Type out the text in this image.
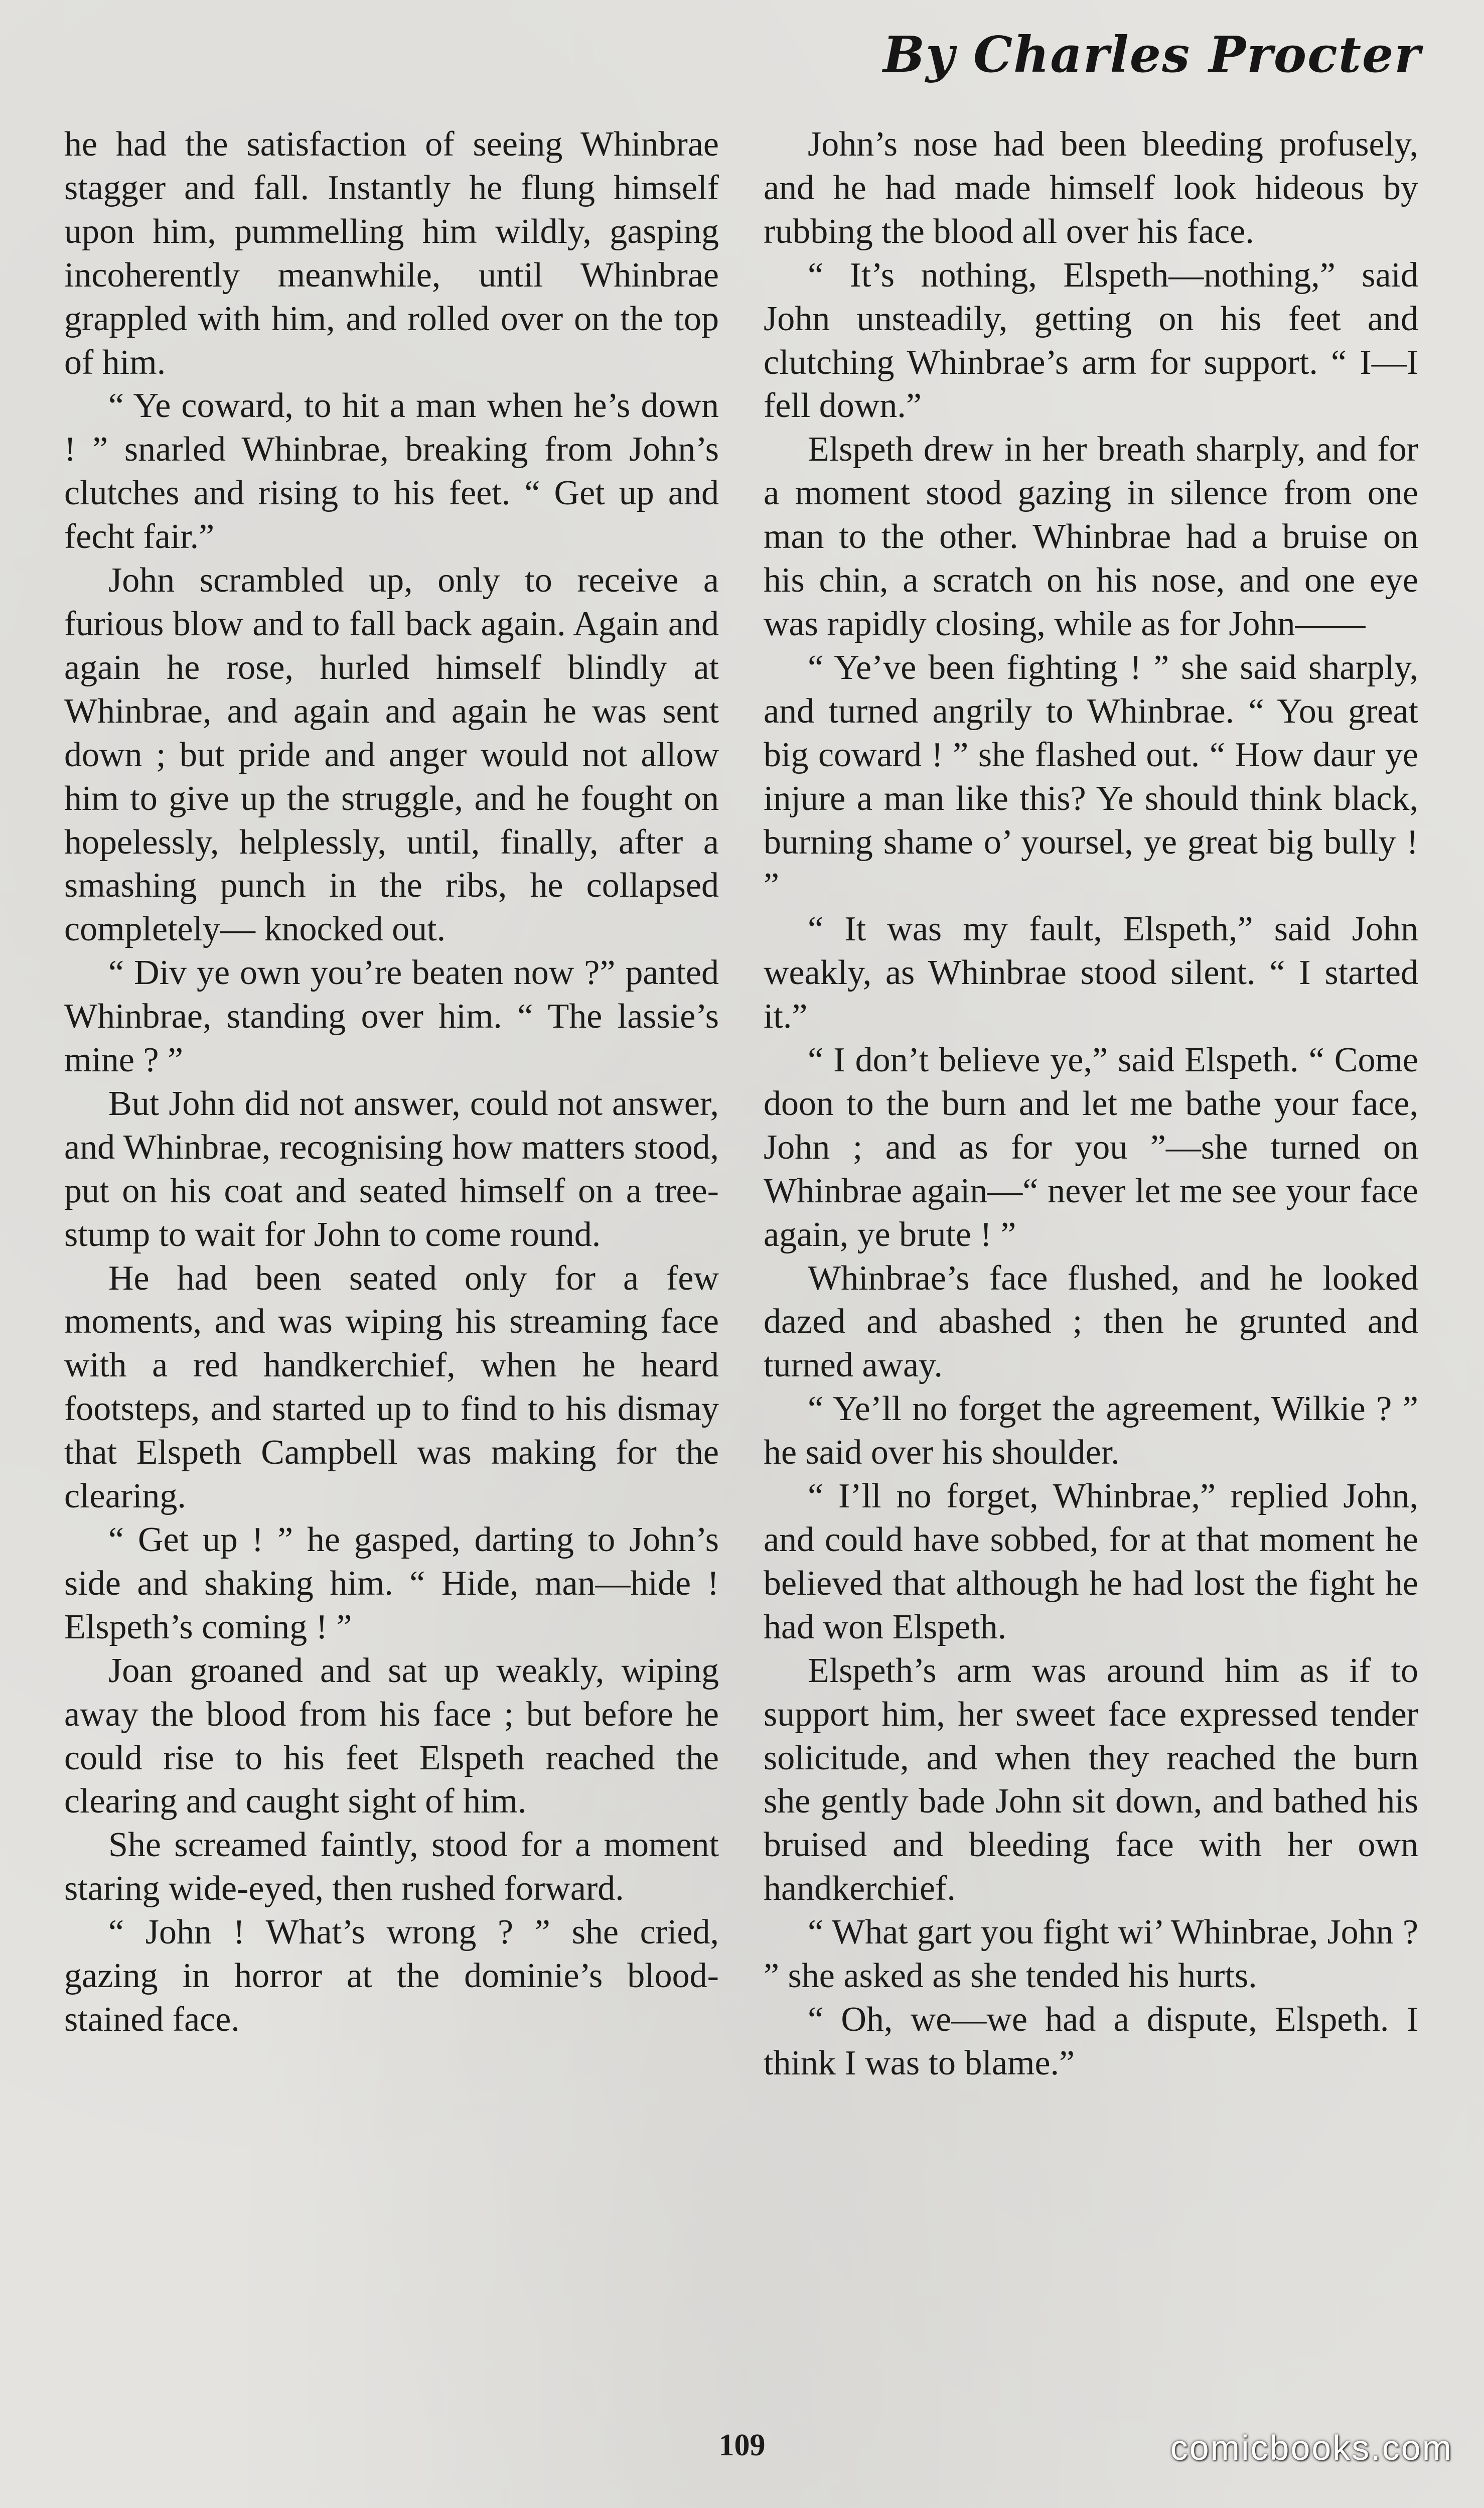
By Charles Procter

he had the satisfaction of seeing Whinbrae stagger and fall. Instantly he flung himself upon him, pummelling him wildly, gasping incoherently meanwhile, until Whinbrae grappled with him, and rolled over on the top of him.

“ Ye coward, to hit a man when he’s down ! ” snarled Whinbrae, breaking from John’s clutches and rising to his feet. “ Get up and fecht fair.”

John scrambled up, only to receive a furious blow and to fall back again. Again and again he rose, hurled himself blindly at Whinbrae, and again and again he was sent down ; but pride and anger would not allow him to give up the struggle, and he fought on hopelessly, helplessly, until, finally, after a smashing punch in the ribs, he collapsed completely— knocked out.

“ Div ye own you’re beaten now ?” panted Whinbrae, standing over him. “ The lassie’s mine ? ”

But John did not answer, could not answer, and Whinbrae, recognising how matters stood, put on his coat and seated himself on a tree-stump to wait for John to come round.

He had been seated only for a few moments, and was wiping his streaming face with a red handkerchief, when he heard footsteps, and started up to find to his dismay that Elspeth Campbell was making for the clearing.

“ Get up ! ” he gasped, darting to John’s side and shaking him. “ Hide, man—hide ! Elspeth’s coming ! ”

Joan groaned and sat up weakly, wiping away the blood from his face ; but before he could rise to his feet Elspeth reached the clearing and caught sight of him.

She screamed faintly, stood for a moment staring wide-eyed, then rushed forward.

“ John ! What’s wrong ? ” she cried, gazing in horror at the dominie’s blood-stained face.

John’s nose had been bleeding profusely, and he had made himself look hideous by rubbing the blood all over his face.

“ It’s nothing, Elspeth—nothing,” said John unsteadily, getting on his feet and clutching Whinbrae’s arm for support. “ I—I fell down.”

Elspeth drew in her breath sharply, and for a moment stood gazing in silence from one man to the other. Whinbrae had a bruise on his chin, a scratch on his nose, and one eye was rapidly closing, while as for John——

“ Ye’ve been fighting ! ” she said sharply, and turned angrily to Whinbrae. “ You great big coward ! ” she flashed out. “ How daur ye injure a man like this? Ye should think black, burning shame o’ yoursel, ye great big bully ! ”

“ It was my fault, Elspeth,” said John weakly, as Whinbrae stood silent. “ I started it.”

“ I don’t believe ye,” said Elspeth. “ Come doon to the burn and let me bathe your face, John ; and as for you ”—she turned on Whinbrae again—“ never let me see your face again, ye brute ! ”

Whinbrae’s face flushed, and he looked dazed and abashed ; then he grunted and turned away.

“ Ye’ll no forget the agreement, Wilkie ? ” he said over his shoulder.

“ I’ll no forget, Whinbrae,” replied John, and could have sobbed, for at that moment he believed that although he had lost the fight he had won Elspeth.

Elspeth’s arm was around him as if to support him, her sweet face expressed tender solicitude, and when they reached the burn she gently bade John sit down, and bathed his bruised and bleeding face with her own handkerchief.

“ What gart you fight wi’ Whinbrae, John ? ” she asked as she tended his hurts.

“ Oh, we—we had a dispute, Elspeth. I think I was to blame.”

109	comicbooks.com
